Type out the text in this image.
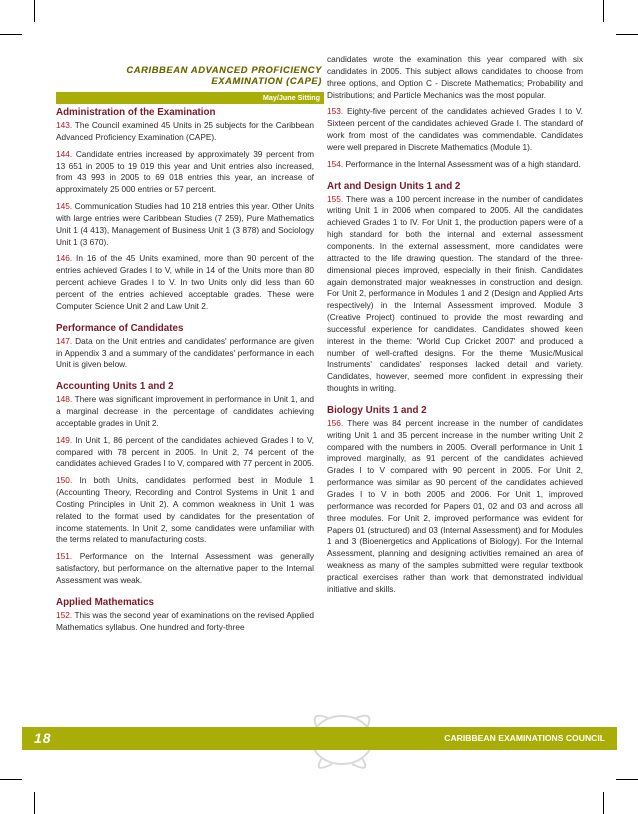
CARIBBEAN ADVANCED PROFICIENCY EXAMINATION (CAPE)
May/June Sitting
Administration of the Examination

143. The Council examined 45 Units in 25 subjects for the Caribbean Advanced Proficiency Examination (CAPE).

144. Candidate entries increased by approximately 39 percent from 13 651 in 2005 to 19 019 this year and Unit entries also increased, from 43 993 in 2005 to 69 018 entries this year, an increase of approximately 25 000 entries or 57 percent.

145. Communication Studies had 10 218 entries this year. Other Units with large entries were Caribbean Studies (7 259), Pure Mathematics Unit 1 (4 413), Management of Business Unit 1 (3 878) and Sociology Unit 1 (3 670).

146. In 16 of the 45 Units examined, more than 90 percent of the entries achieved Grades I to V, while in 14 of the Units more than 80 percent achieve Grades I to V. In two Units only did less than 60 percent of the entries achieved acceptable grades. These were Computer Science Unit 2 and Law Unit 2.

Performance of Candidates

147. Data on the Unit entries and candidates' performance are given in Appendix 3 and a summary of the candidates' performance in each Unit is given below.

Accounting Units 1 and 2

148. There was significant improvement in performance in Unit 1, and a marginal decrease in the percentage of candidates achieving acceptable grades in Unit 2.

149. In Unit 1, 86 percent of the candidates achieved Grades I to V, compared with 78 percent in 2005. In Unit 2, 74 percent of the candidates achieved Grades I to V, compared with 77 percent in 2005.

150. In both Units, candidates performed best in Module 1 (Accounting Theory, Recording and Control Systems in Unit 1 and Costing Principles in Unit 2). A common weakness in Unit 1 was related to the format used by candidates for the presentation of income statements. In Unit 2, some candidates were unfamiliar with the terms related to manufacturing costs.

151. Performance on the Internal Assessment was generally satisfactory, but performance on the alternative paper to the Internal Assessment was weak.

Applied Mathematics

152. This was the second year of examinations on the revised Applied Mathematics syllabus. One hundred and forty-three

candidates wrote the examination this year compared with six candidates in 2005. This subject allows candidates to choose from three options, and Option C - Discrete Mathematics; Probability and Distributions; and Particle Mechanics was the most popular.

153. Eighty-five percent of the candidates achieved Grades I to V. Sixteen percent of the candidates achieved Grade I. The standard of work from most of the candidates was commendable. Candidates were well prepared in Discrete Mathematics (Module 1).

154. Performance in the Internal Assessment was of a high standard.

Art and Design Units 1 and 2

155. There was a 100 percent increase in the number of candidates writing Unit 1 in 2006 when compared to 2005. All the candidates achieved Grades 1 to IV. For Unit 1, the production papers were of a high standard for both the internal and external assessment components. In the external assessment, more candidates were attracted to the life drawing question. The standard of the three-dimensional pieces improved, especially in their finish. Candidates again demonstrated major weaknesses in construction and design. For Unit 2, performance in Modules 1 and 2 (Design and Applied Arts respectively) in the Internal Assessment improved. Module 3 (Creative Project) continued to provide the most rewarding and successful experience for candidates. Candidates showed keen interest in the theme: 'World Cup Cricket 2007' and produced a number of well-crafted designs. For the theme 'Music/Musical Instruments' candidates' responses lacked detail and variety. Candidates, however, seemed more confident in expressing their thoughts in writing.

Biology Units 1 and 2

156. There was 84 percent increase in the number of candidates writing Unit 1 and 35 percent increase in the number writing Unit 2 compared with the numbers in 2005. Overall performance in Unit 1 improved marginally, as 91 percent of the candidates achieved Grades I to V compared with 90 percent in 2005. For Unit 2, performance was similar as 90 percent of the candidates achieved Grades I to V in both 2005 and 2006. For Unit 1, improved performance was recorded for Papers 01, 02 and 03 and across all three modules. For Unit 2, improved performance was evident for Papers 01 (structured) and 03 (Internal Assessment) and for Modules 1 and 3 (Bioenergetics and Applications of Biology). For the Internal Assessment, planning and designing activities remained an area of weakness as many of the samples submitted were regular textbook practical exercises rather than work that demonstrated individual initiative and skills.

18	CARIBBEAN EXAMINATIONS COUNCIL
